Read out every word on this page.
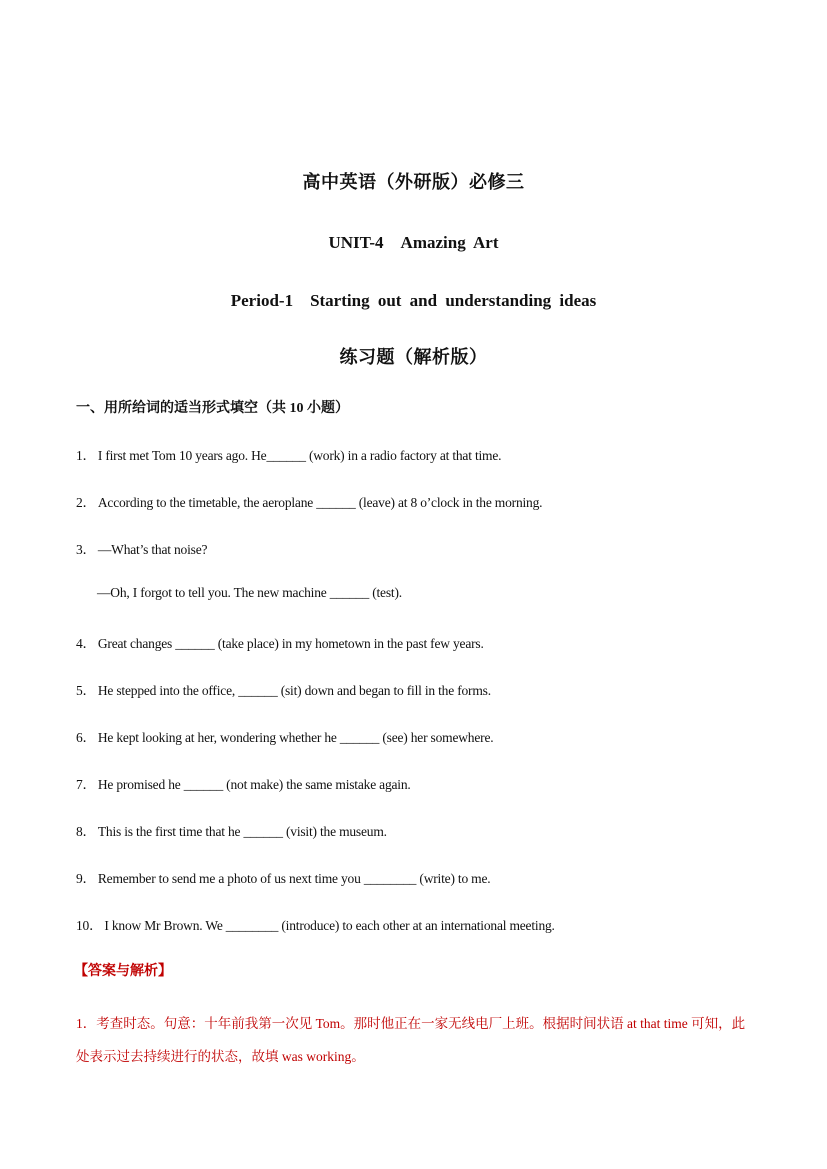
高中英语（外研版）必修三
UNIT-4　Amazing Art
Period-1　Starting out and understanding ideas
练习题（解析版）
一、用所给词的适当形式填空（共 10 小题）
1． I first met Tom 10 years ago. He______ (work) in a radio factory at that time.
2． According to the timetable, the aeroplane ______ (leave) at 8 o’clock in the morning.
3． —What’s that noise?
—Oh, I forgot to tell you. The new machine ______ (test).
4． Great changes ______ (take place) in my hometown in the past few years.
5． He stepped into the office, ______ (sit) down and began to fill in the forms.
6． He kept looking at her, wondering whether he ______ (see) her somewhere.
7． He promised he ______ (not make) the same mistake again.
8． This is the first time that he ______ (visit) the museum.
9． Remember to send me a photo of us next time you ________ (write) to me.
10． I know Mr Brown. We ________ (introduce) to each other at an international meeting.
【答案与解析】
1．考查时态。句意：十年前我第一次见 Tom。那时他正在一家无线电厂上班。根据时间状语 at that time 可知，此处表示过去持续进行的状态，故填 was working。
